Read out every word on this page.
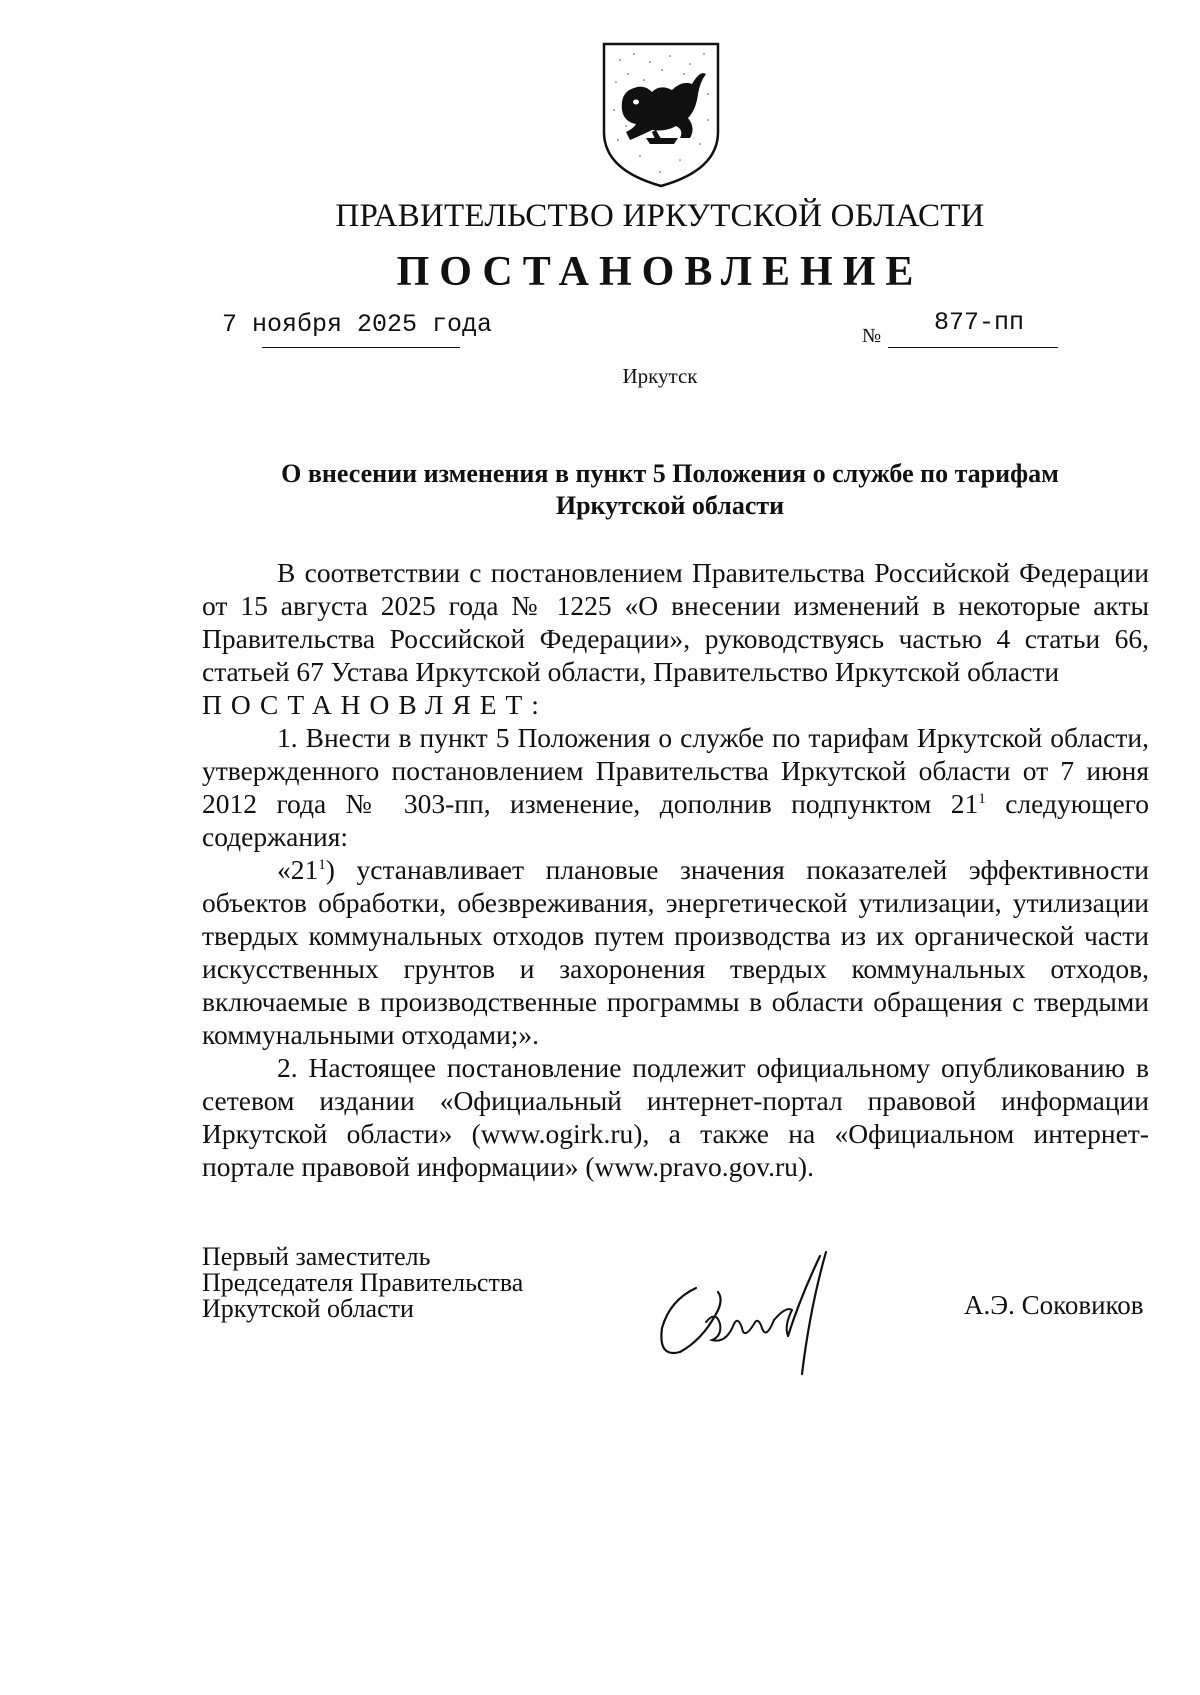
ПРАВИТЕЛЬСТВО ИРКУТСКОЙ ОБЛАСТИ
ПОСТАНОВЛЕНИЕ
7 ноября 2025 года	№ 877-пп
Иркутск
О внесении изменения в пункт 5 Положения о службе по тарифам
Иркутской области

В соответствии с постановлением Правительства Российской Федерации от 15 августа 2025 года № 1225 «О внесении изменений в некоторые акты Правительства Российской Федерации», руководствуясь частью 4 статьи 66, статьей 67 Устава Иркутской области, Правительство Иркутской области

ПОСТАНОВЛЯЕТ:

1. Внести в пункт 5 Положения о службе по тарифам Иркутской области, утвержденного постановлением Правительства Иркутской области от 7 июня 2012 года № 303-пп, изменение, дополнив подпунктом $21^1$ следующего содержания:

«$21^1$) устанавливает плановые значения показателей эффективности объектов обработки, обезвреживания, энергетической утилизации, утилизации твердых коммунальных отходов путем производства из их органической части искусственных грунтов и захоронения твердых коммунальных отходов, включаемые в производственные программы в области обращения с твердыми коммунальными отходами;».

2. Настоящее постановление подлежит официальному опубликованию в сетевом издании «Официальный интернет-портал правовой информации Иркутской области» (www.ogirk.ru), а также на «Официальном интернет-портале правовой информации» (www.pravo.gov.ru).

Первый заместитель
Председателя Правительства
Иркутской области	А.Э. Соковиков
